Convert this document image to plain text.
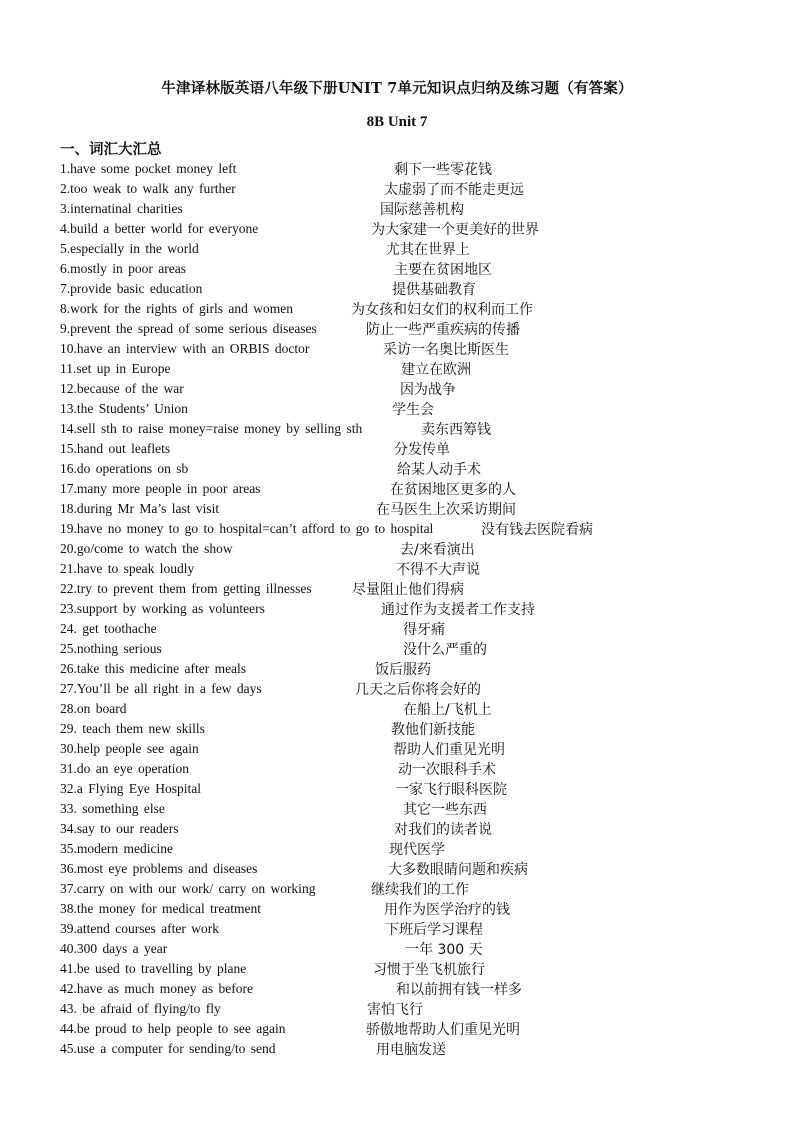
牛津译林版英语八年级下册UNIT 7单元知识点归纳及练习题（有答案）
8B Unit 7
一、词汇大汇总
1.have some pocket money left	剩下一些零花钱
2.too weak to walk any further	太虚弱了而不能走更远
3.internatinal charities	国际慈善机构
4.build a better world for everyone	为大家建一个更美好的世界
5.especially in the world	尤其在世界上
6.mostly in poor areas	主要在贫困地区
7.provide basic education	提供基础教育
8.work for the rights of girls and women	为女孩和妇女们的权利而工作
9.prevent the spread of some serious diseases	防止一些严重疾病的传播
10.have an interview with an ORBIS doctor	采访一名奥比斯医生
11.set up in Europe	建立在欧洲
12.because of the war	因为战争
13.the Students’ Union	学生会
14.sell sth to raise money=raise money by selling sth	卖东西筹钱
15.hand out leaflets	分发传单
16.do operations on sb	给某人动手术
17.many more people in poor areas	在贫困地区更多的人
18.during Mr Ma’s last visit	在马医生上次采访期间
19.have no money to go to hospital=can’t afford to go to hospital	没有钱去医院看病
20.go/come to watch the show	去/来看演出
21.have to speak loudly	不得不大声说
22.try to prevent them from getting illnesses	尽量阻止他们得病
23.support by working as volunteers	通过作为支援者工作支持
24. get toothache	得牙痛
25.nothing serious	没什么严重的
26.take this medicine after meals	饭后服药
27.You’ll be all right in a few days	几天之后你将会好的
28.on board	在船上/飞机上
29. teach them new skills	教他们新技能
30.help people see again	帮助人们重见光明
31.do an eye operation	动一次眼科手术
32.a Flying Eye Hospital	一家飞行眼科医院
33. something else	其它一些东西
34.say to our readers	对我们的读者说
35.modern medicine	现代医学
36.most eye problems and diseases	大多数眼睛问题和疾病
37.carry on with our work/ carry on working	继续我们的工作
38.the money for medical treatment	用作为医学治疗的钱
39.attend courses after work	下班后学习课程
40.300 days a year	一年 300 天
41.be used to travelling by plane	习惯于坐飞机旅行
42.have as much money as before	和以前拥有钱一样多
43. be afraid of flying/to fly	害怕飞行
44.be proud to help people to see again	骄傲地帮助人们重见光明
45.use a computer for sending/to send	用电脑发送
